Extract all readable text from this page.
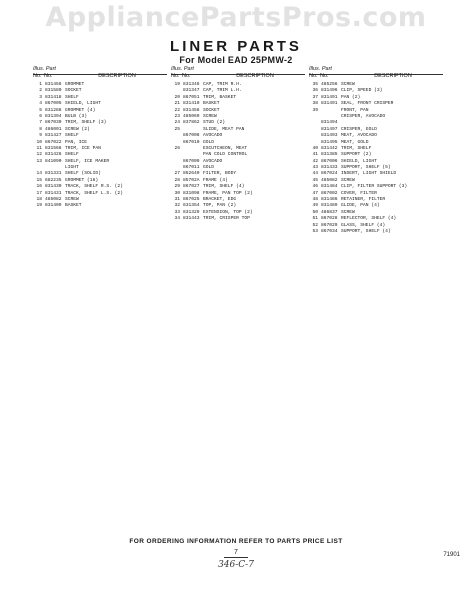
AppliancePartsPros.com
LINER PARTS
For Model EAD 25PMW-2
Illus. Part
No. No.	DESCRIPTION
1 831456 GROMMET
2 831580 SOCKET
3 831418 SHELF
4 867005 SHIELD, LIGHT
5 831288 GROMMET (4)
6 831394 BULB (3)
7 867030 TRIM, SHELF (3)
8 486001 SCREW (2)
9 831427 SHELF
10 867022 PAN, ICE
11 831568 TRIM, ICE PAN
12 831426 SHELF
13 841090 SHELF, ICE MAKER
LIGHT
14 831331 SHELF (SOLID)
15 682235 GROMMET (16)
16 831430 TRACK, SHELF R.S. (2)
17 831431 TRACK, SHELF L.S. (2)
18 485082 SCREW
19 831409 BASKET
Illus. Part
No. No.	DESCRIPTION
19 831346 CAP, TRIM R.H.
831347 CAP, TRIM L.H.
20 867051 TRIM, BASKET
21 831410 BASKET
22 831458 SOCKET
23 485069 SCREW
24 837862 STUD (2)
25	SLIDE, MEAT PAN
867008 AVOCADO
867010 GOLD
26	ESCUTCHEON, MEAT
PAN COLD CONTROL
867009 AVOCADO
867011 GOLD
27 862640 FILTER, BODY
28 85702A FRAME (4)
29 867027 TRIM, SHELF (4)
30 831098 FRAME, PAN TOP (2)
31 867025 BRACKET, EDG
32 831354 TOP, PAN (2)
33 831329 EXTENSION, TOP (2)
34 831443 TRIM, CRISPER TOP
Illus. Part
No. No.	DESCRIPTION
35 485256 SCREW
36 831496 CLIP, SPEED (3)
37 831491 PAN (2)
38 831491 SEAL, FRONT CRISPER
39	FRONT, PAN
CRISPER, AVOCADO
831494
831497 CRISPER, GOLD
831493 MEAT, AVOCADO
831495 MEAT, GOLD
40 831442 TRIM, SHELF
41 831385 SUPPORT (2)
42 867006 SHIELD, LIGHT
43 831433 SUPPORT, SHELF (5)
44 867024 INSERT, LIGHT SHIELD
45 485082 SCREW
46 831484 CLIP, FILTER SUPPORT (3)
47 867002 COVER, FILTER
48 831486 RETAINER, FILTER
49 831489 GLIDE, PAN (4)
50 486837 SCREW
51 867028 REFLECTOR, SHELF (4)
52 867029 GLASS, SHELF (4)
53 867034 SUPPORT, SHELF (4)
FOR ORDERING INFORMATION REFER TO PARTS PRICE LIST
7	71901
346-C-7
